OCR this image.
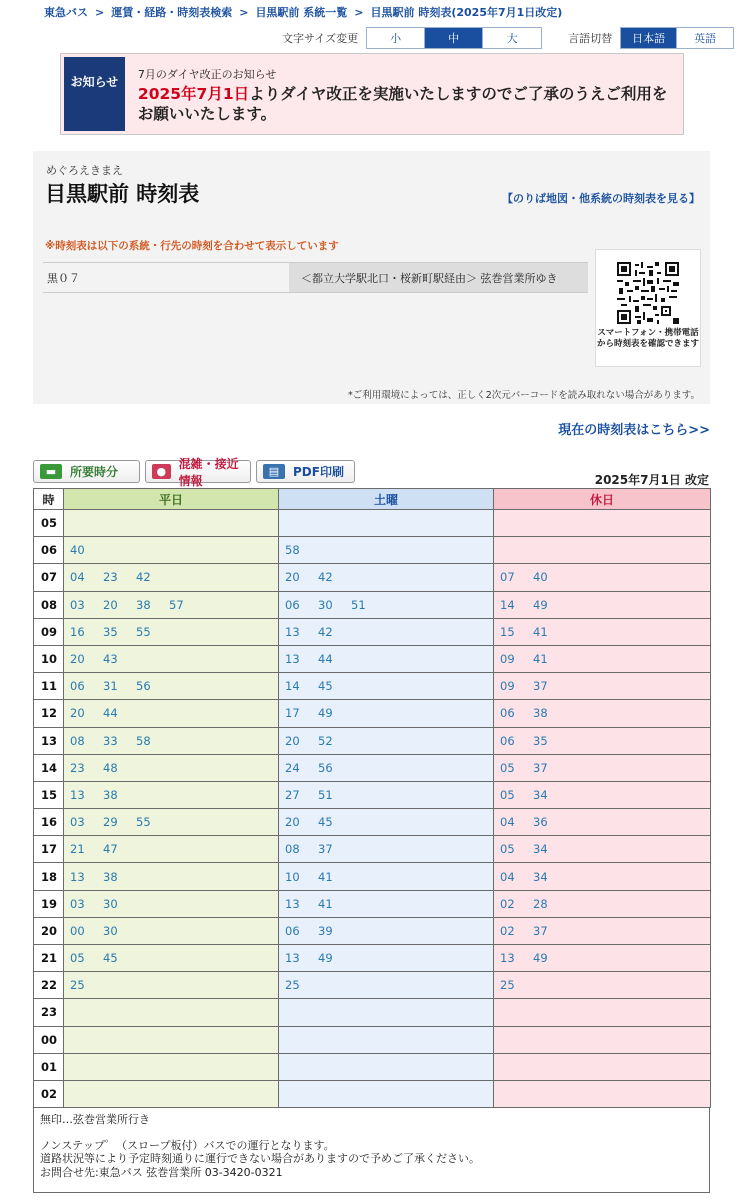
東急バス > 運賃・経路・時刻表検索 > 目黒駅前 系統一覧 > 目黒駅前 時刻表(2025年7月1日改定)
文字サイズ変更	小	中	大	言語切替	日本語	英語
お知らせ
7月のダイヤ改正のお知らせ
2025年7月1日よりダイヤ改正を実施いたしますのでご了承のうえご利用をお願いいたします。
めぐろえきまえ
目黒駅前 時刻表	【のりば地図・他系統の時刻表を見る】
※時刻表は以下の系統・行先の時刻を合わせて表示しています
黒０７	＜都立大学駅北口・桜新町駅経由＞ 弦巻営業所ゆき
スマートフォン・携帯電話から時刻表を確認できます
*ご利用環境によっては、正しく2次元バーコードを読み取れない場合があります。
現在の時刻表はこちら>>
▬	所要時分	●
混雑・接近情報
▤	PDF印刷
2025年7月1日 改定
時	平日	土曜	休日
05			
06	40	58	
07	04 23 42	20 42	07 40
08	03 20 38 57	06 30 51	14 49
09	16 35 55	13 42	15 41
10	20 43	13 44	09 41
11	06 31 56	14 45	09 37
12	20 44	17 49	06 38
13	08 33 58	20 52	06 35
14	23 48	24 56	05 37
15	13 38	27 51	05 34
16	03 29 55	20 45	04 36
17	21 47	08 37	05 34
18	13 38	10 41	04 34
19	03 30	13 41	02 28
20	00 30	06 39	02 37
21	05 45	13 49	13 49
22	25	25	25
23			
00			
01			
02			
無印…弦巻営業所行き
ノンステップ゜（スロープ板付）バスでの運行となります。
道路状況等により予定時刻通りに運行できない場合がありますので予めご了承ください。
お問合せ先:東急バス 弦巻営業所 03-3420-0321
